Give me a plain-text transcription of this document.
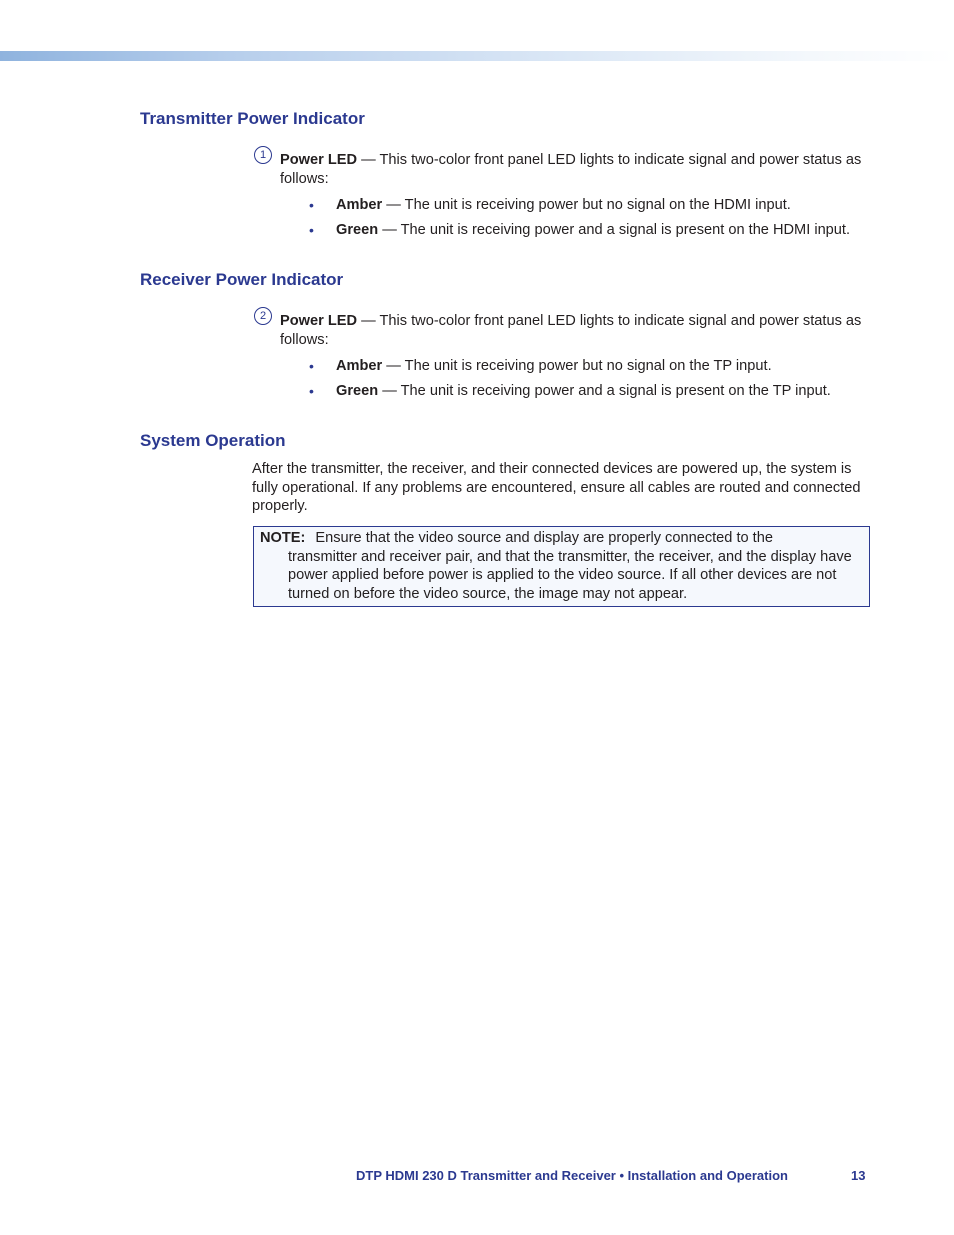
Transmitter Power Indicator
1 Power LED — This two-color front panel LED lights to indicate signal and power status as follows:

• Amber — The unit is receiving power but no signal on the HDMI input.
• Green — The unit is receiving power and a signal is present on the HDMI input.
Receiver Power Indicator
2 Power LED — This two-color front panel LED lights to indicate signal and power status as follows:

• Amber — The unit is receiving power but no signal on the TP input.
• Green — The unit is receiving power and a signal is present on the TP input.
System Operation

After the transmitter, the receiver, and their connected devices are powered up, the system is fully operational. If any problems are encountered, ensure all cables are routed and connected properly.

NOTE: Ensure that the video source and display are properly connected to the
transmitter and receiver pair, and that the transmitter, the receiver, and the display have power applied before power is applied to the video source. If all other devices are not turned on before the video source, the image may not appear.
DTP HDMI 230 D Transmitter and Receiver • Installation and Operation	13
